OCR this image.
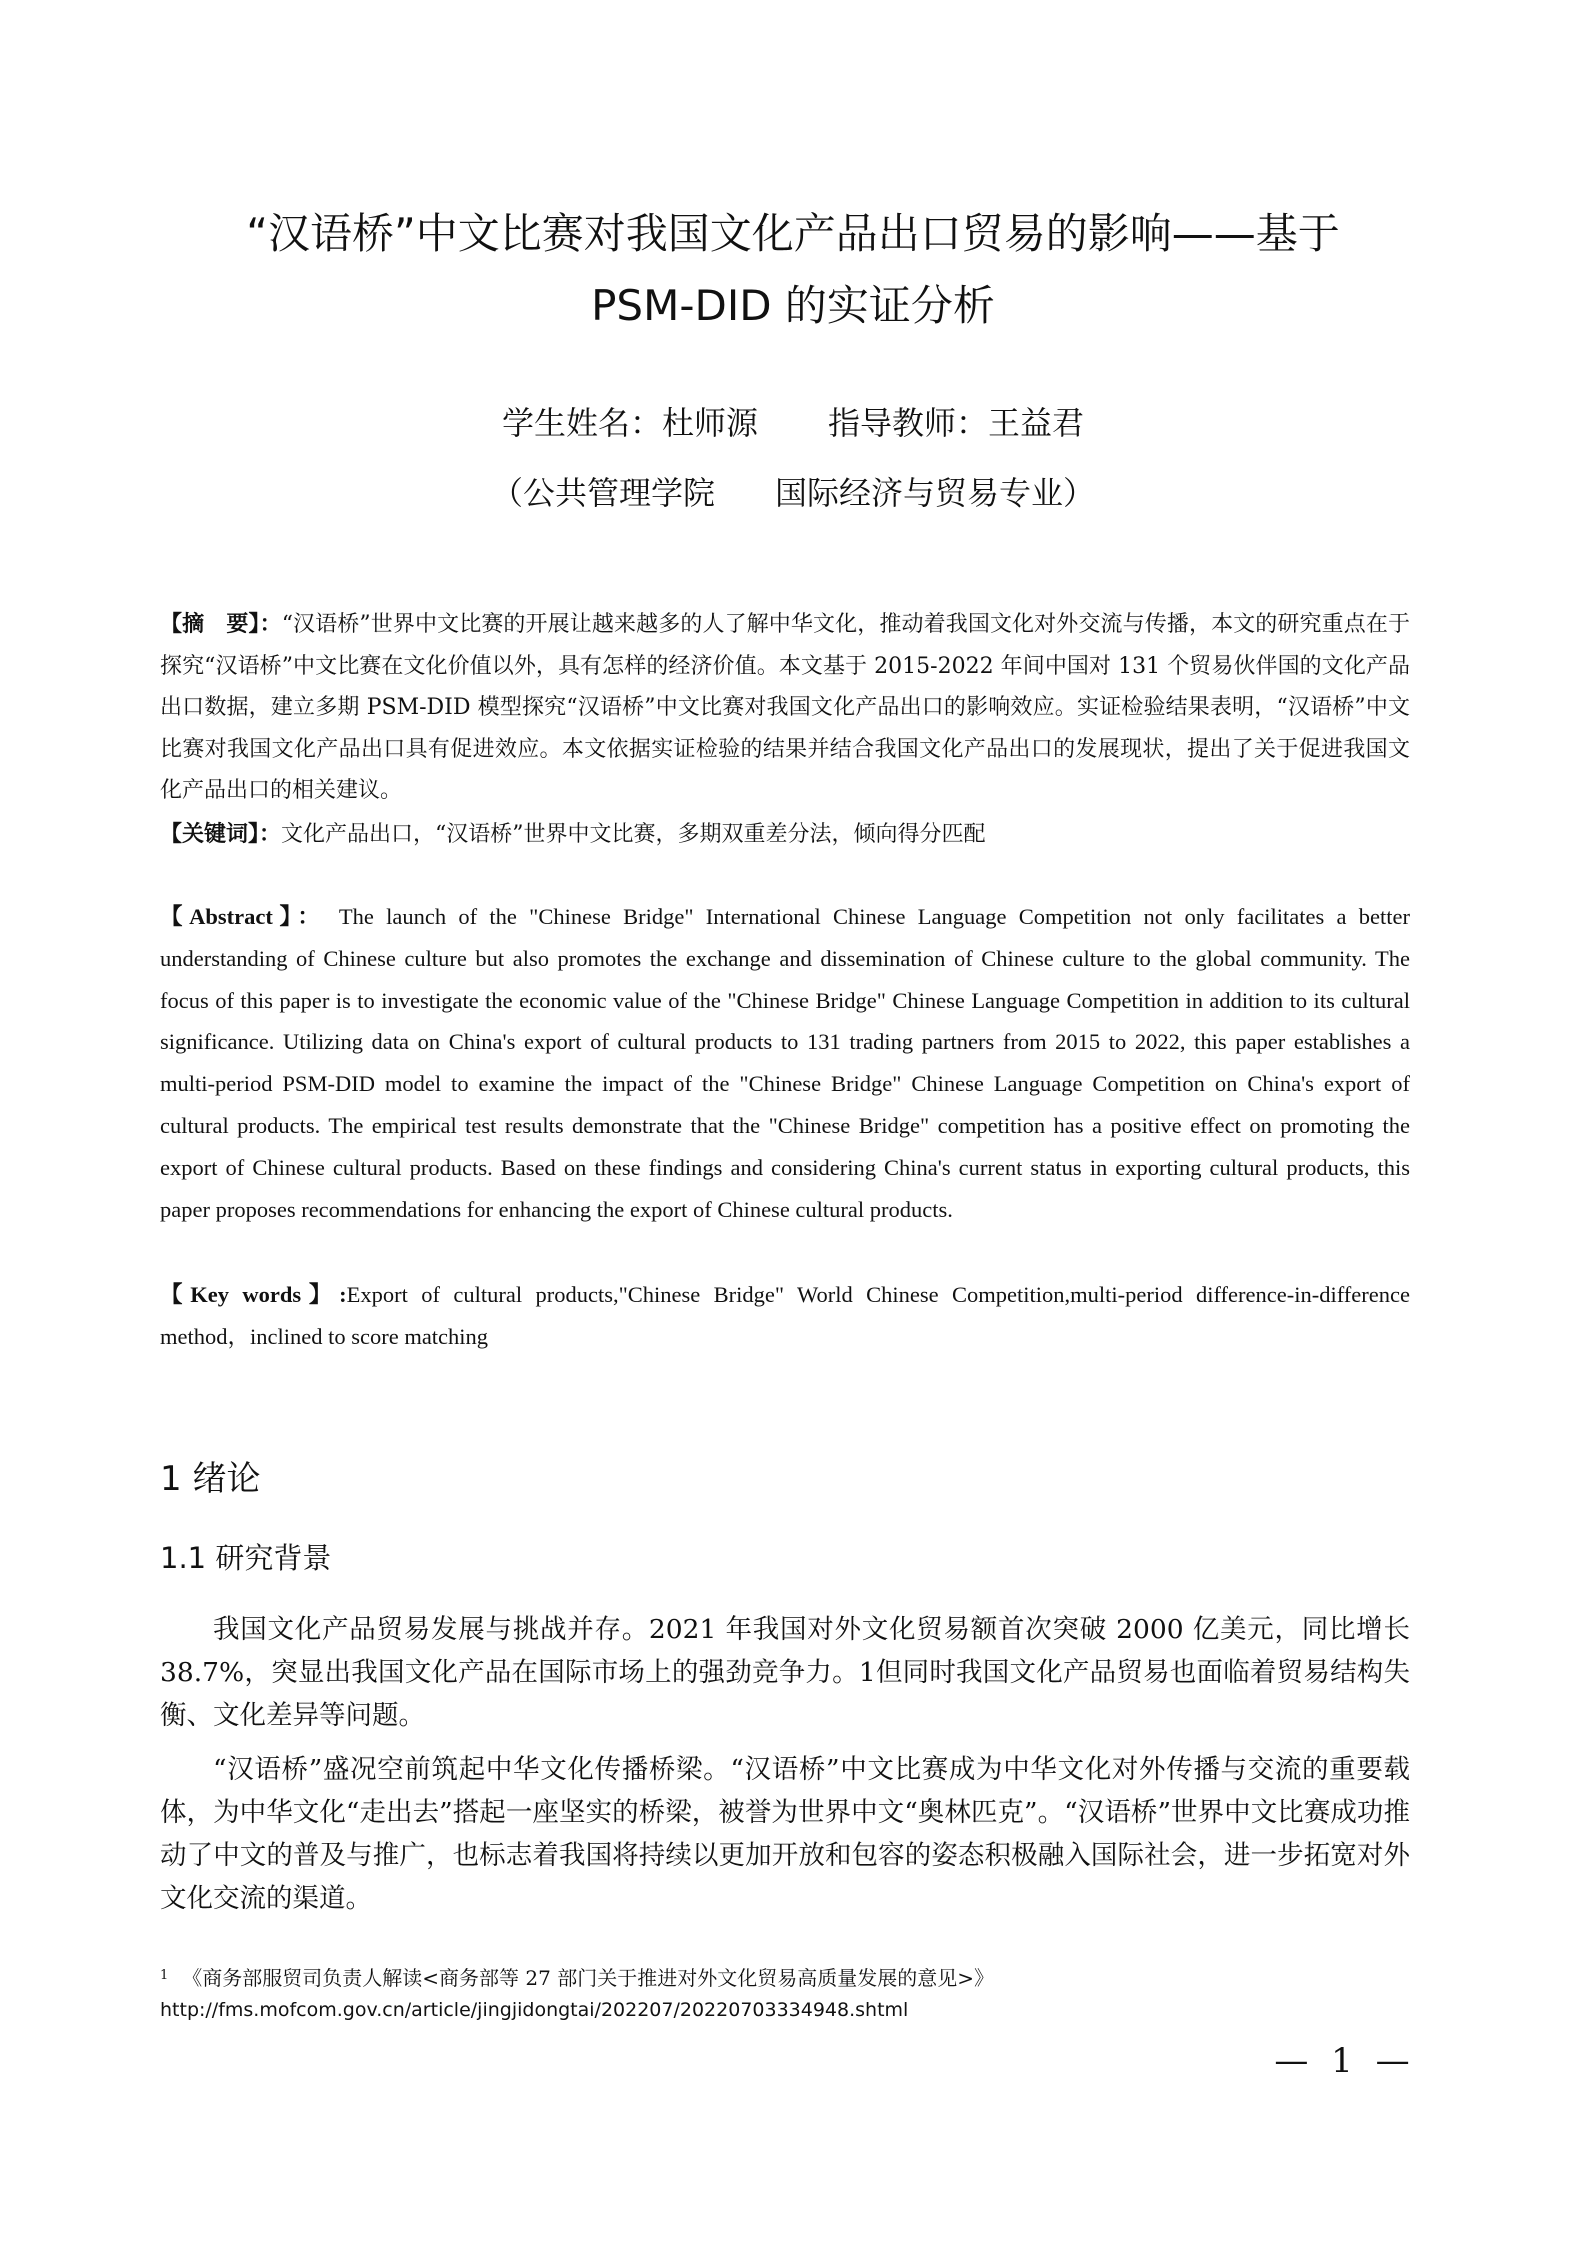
“汉语桥”中文比赛对我国文化产品出口贸易的影响——基于
PSM-DID 的实证分析
学生姓名：杜师源 指导教师：王益君
（公共管理学院 国际经济与贸易专业）
【摘　要】：“汉语桥”世界中文比赛的开展让越来越多的人了解中华文化，推动着我国文化对外交流与传播，本文的研究重点在于探究“汉语桥”中文比赛在文化价值以外，具有怎样的经济价值。本文基于 2015-2022 年间中国对 131 个贸易伙伴国的文化产品出口数据，建立多期 PSM-DID 模型探究“汉语桥”中文比赛对我国文化产品出口的影响效应。实证检验结果表明，“汉语桥”中文比赛对我国文化产品出口具有促进效应。本文依据实证检验的结果并结合我国文化产品出口的发展现状，提出了关于促进我国文化产品出口的相关建议。
【关键词】：文化产品出口，“汉语桥”世界中文比赛，多期双重差分法，倾向得分匹配
【Abstract】： The launch of the "Chinese Bridge" International Chinese Language Competition not only facilitates a better understanding of Chinese culture but also promotes the exchange and dissemination of Chinese culture to the global community. The focus of this paper is to investigate the economic value of the "Chinese Bridge" Chinese Language Competition in addition to its cultural significance. Utilizing data on China's export of cultural products to 131 trading partners from 2015 to 2022, this paper establishes a multi-period PSM-DID model to examine the impact of the "Chinese Bridge" Chinese Language Competition on China's export of cultural products. The empirical test results demonstrate that the "Chinese Bridge" competition has a positive effect on promoting the export of Chinese cultural products. Based on these findings and considering China's current status in exporting cultural products, this paper proposes recommendations for enhancing the export of Chinese cultural products.
【Key words】:Export of cultural products,"Chinese Bridge" World Chinese Competition,multi-period difference-in-difference method，inclined to score matching
1 绪论
1.1 研究背景

我国文化产品贸易发展与挑战并存。2021 年我国对外文化贸易额首次突破 2000 亿美元，同比增长 38.7%，突显出我国文化产品在国际市场上的强劲竞争力。1但同时我国文化产品贸易也面临着贸易结构失衡、文化差异等问题。

“汉语桥”盛况空前筑起中华文化传播桥梁。“汉语桥”中文比赛成为中华文化对外传播与交流的重要载体，为中华文化“走出去”搭起一座坚实的桥梁，被誉为世界中文“奥林匹克”。“汉语桥”世界中文比赛成功推动了中文的普及与推广，也标志着我国将持续以更加开放和包容的姿态积极融入国际社会，进一步拓宽对外文化交流的渠道。

$^1$ 《商务部服贸司负责人解读<商务部等 27 部门关于推进对外文化贸易高质量发展的意见>》
http://fms.mofcom.gov.cn/article/jingjidongtai/202207/20220703334948.shtml
— 1 —
